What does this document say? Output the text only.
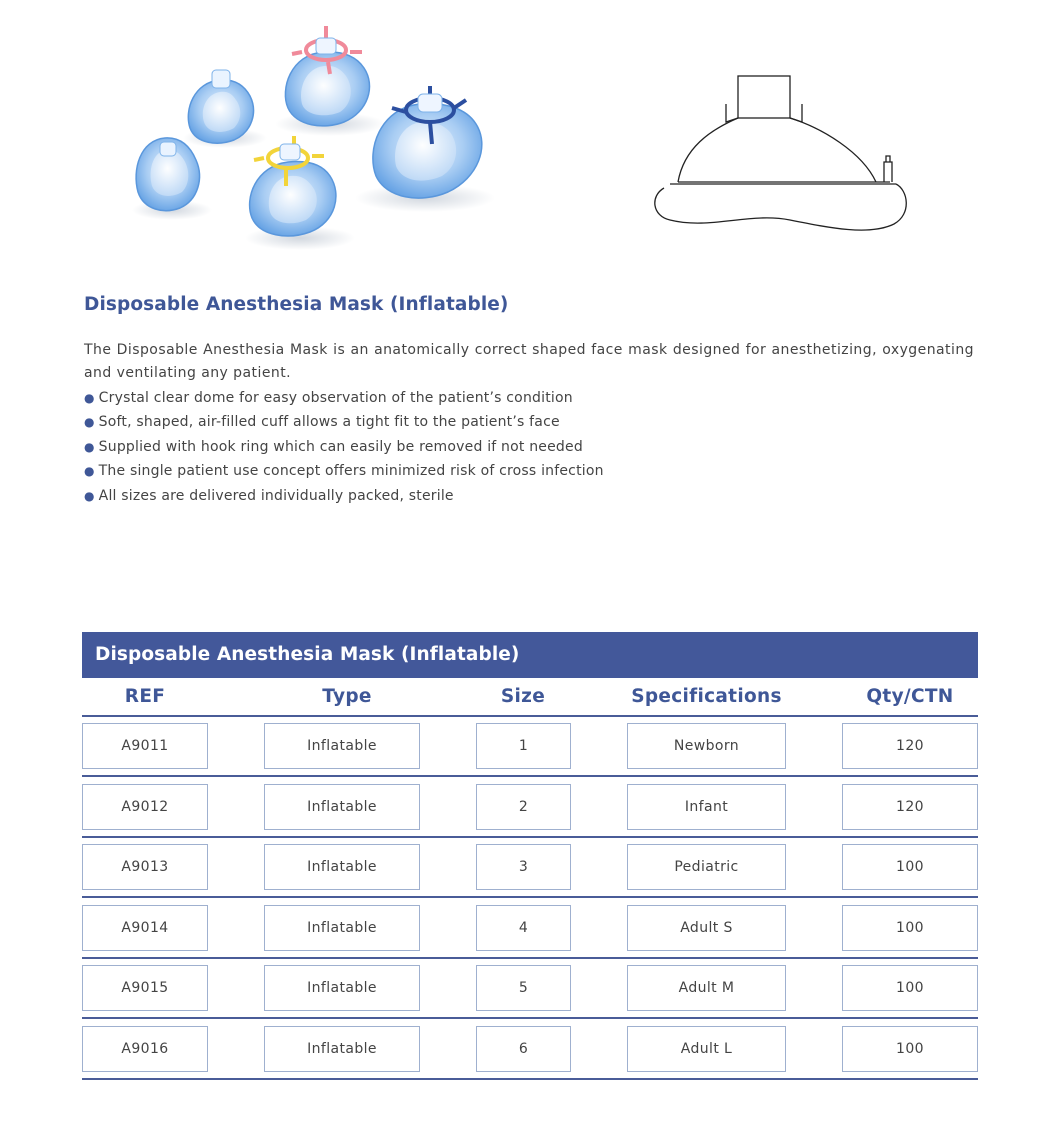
Disposable Anesthesia Mask (Inflatable)
The Disposable Anesthesia Mask is an anatomically correct shaped face mask designed for anesthetizing, oxygenating and ventilating any patient.
● Crystal clear dome for easy observation of the patient’s condition
● Soft, shaped, air-filled cuff allows a tight fit to the patient’s face
● Supplied with hook ring which can easily be removed if not needed
● The single patient use concept offers minimized risk of cross infection
● All sizes are delivered individually packed, sterile
Disposable Anesthesia Mask (Inflatable)
REF	Type	Size	Specifications	Qty/CTN
A9011	Inflatable	1	Newborn	120
A9012	Inflatable	2	Infant	120
A9013	Inflatable	3	Pediatric	100
A9014	Inflatable	4	Adult S	100
A9015	Inflatable	5	Adult M	100
A9016	Inflatable	6	Adult L	100
